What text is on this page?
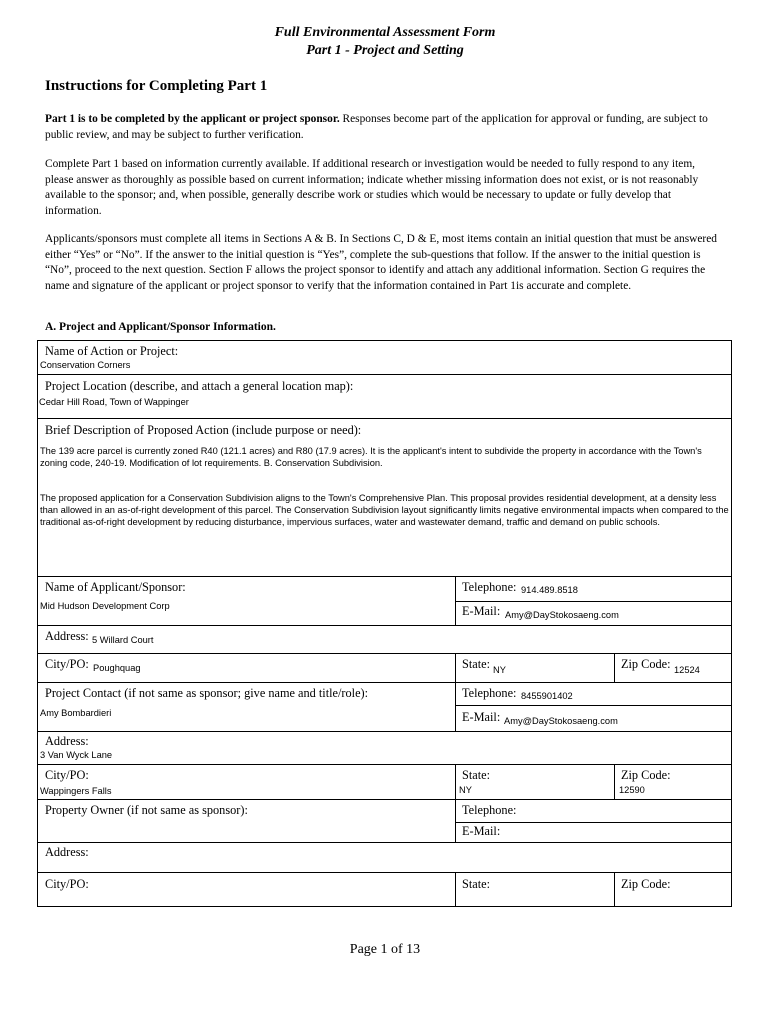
Full Environmental Assessment Form
Part 1 - Project and Setting
Instructions for Completing Part 1
Part 1 is to be completed by the applicant or project sponsor. Responses become part of the application for approval or funding, are subject to public review, and may be subject to further verification.
Complete Part 1 based on information currently available. If additional research or investigation would be needed to fully respond to any item, please answer as thoroughly as possible based on current information; indicate whether missing information does not exist, or is not reasonably available to the sponsor; and, when possible, generally describe work or studies which would be necessary to update or fully develop that information.
Applicants/sponsors must complete all items in Sections A & B. In Sections C, D & E, most items contain an initial question that must be answered either “Yes” or “No”. If the answer to the initial question is “Yes”, complete the sub-questions that follow. If the answer to the initial question is “No”, proceed to the next question. Section F allows the project sponsor to identify and attach any additional information. Section G requires the name and signature of the applicant or project sponsor to verify that the information contained in Part 1is accurate and complete.
A. Project and Applicant/Sponsor Information.
Name of Action or Project:
Conservation Corners
Project Location (describe, and attach a general location map):
Cedar Hill Road, Town of Wappinger
Brief Description of Proposed Action (include purpose or need):
The 139 acre parcel is currently zoned R40 (121.1 acres) and R80 (17.9 acres). It is the applicant's intent to subdivide the property in accordance with the Town's zoning code, 240-19. Modification of lot requirements. B. Conservation Subdivision.
The proposed application for a Conservation Subdivision aligns to the Town's Comprehensive Plan. This proposal provides residential development, at a density less than allowed in an as-of-right development of this parcel. The Conservation Subdivision layout significantly limits negative environmental impacts when compared to the traditional as-of-right development by reducing disturbance, impervious surfaces, water and wastewater demand, traffic and demand on public schools.
Name of Applicant/Sponsor:
Mid Hudson Development Corp
Telephone: 914.489.8518
E-Mail: Amy@DayStokosaeng.com
Address: 5 Willard Court
City/PO: Poughquag	State: NY	Zip Code: 12524
Project Contact (if not same as sponsor; give name and title/role):
Amy Bombardieri
Telephone: 8455901402
E-Mail: Amy@DayStokosaeng.com
Address:
3 Van Wyck Lane
City/PO:
Wappingers Falls
State:
NY
Zip Code:
12590
Property Owner (if not same as sponsor):	Telephone:
E-Mail:
Address:
City/PO:	State:	Zip Code:
Page 1 of 13
